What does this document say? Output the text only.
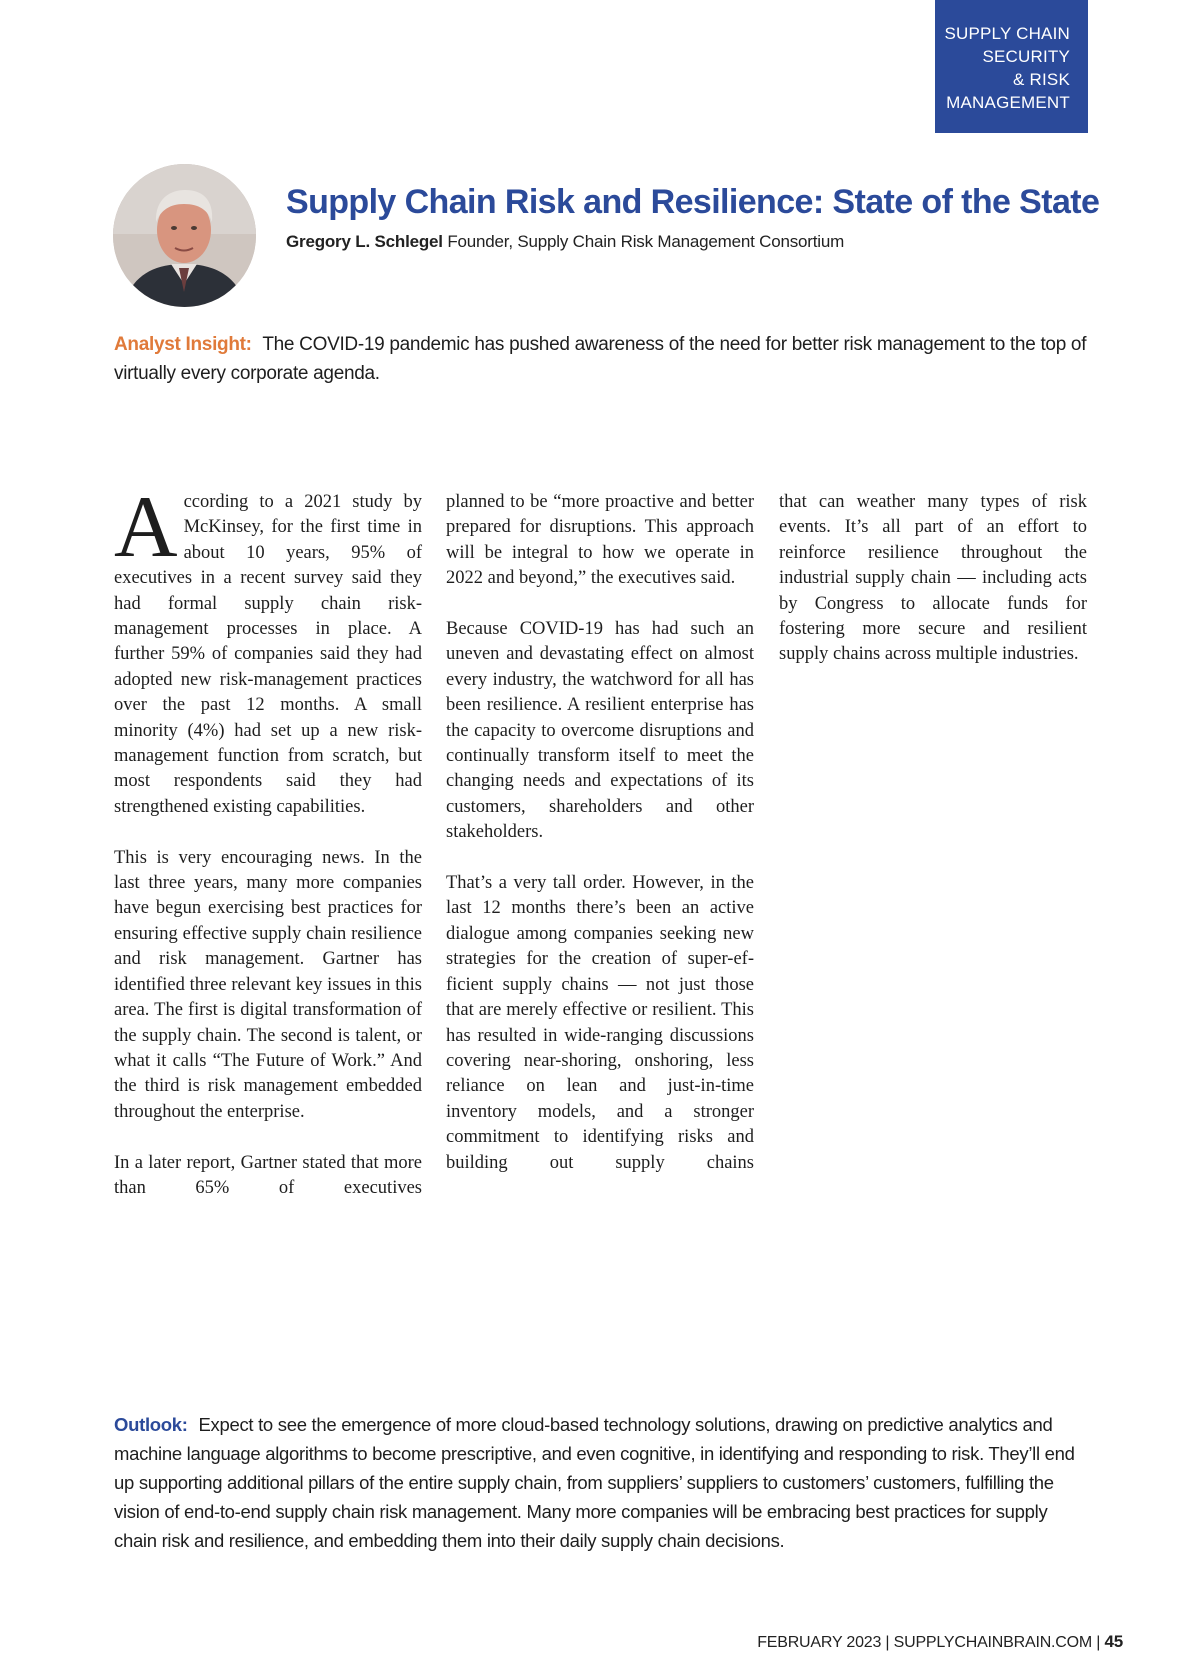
SUPPLY CHAIN
SECURITY
& RISK
MANAGEMENT
Supply Chain Risk and Resilience: State of the State

Gregory L. Schlegel Founder, Supply Chain Risk Management Consortium

Analyst Insight: The COVID-19 pandemic has pushed awareness of the need for better risk management to the top of virtually every corporate agenda.

According to a 2021 study by McKinsey, for the first time in about 10 years, 95% of executives in a recent survey said they had formal supply chain risk-management processes in place. A further 59% of companies said they had adopted new risk-management practices over the past 12 months. A small minority (4%) had set up a new risk-management function from scratch, but most respondents said they had strengthened existing capabilities.

This is very encouraging news. In the last three years, many more companies have begun exercising best practices for ensuring effective supply chain resilience and risk management. Gartner has identified three relevant key issues in this area. The first is digital transformation of the supply chain. The second is talent, or what it calls “The Future of Work.” And the third is risk management embedded throughout the enterprise.

In a later report, Gartner stated that more than 65% of executives

planned to be “more proactive and better prepared for disruptions. This approach will be integral to how we operate in 2022 and beyond,” the executives said.

Because COVID-19 has had such an uneven and devastating effect on almost every industry, the watchword for all has been resilience. A resilient enterprise has the capacity to overcome disruptions and continually transform itself to meet the changing needs and expectations of its customers, shareholders and other stakeholders.

That’s a very tall order. However, in the last 12 months there’s been an active dialogue among companies seeking new strategies for the creation of super-efficient supply chains — not just those that are merely effective or resilient. This has resulted in wide-ranging discussions covering near-shoring, onshoring, less reliance on lean and just-in-time inventory models, and a stronger commitment to identifying risks and building out supply chains

that can weather many types of risk events. It’s all part of an effort to reinforce resilience throughout the industrial supply chain — including acts by Congress to allocate funds for fostering more secure and resilient supply chains across multiple industries.

Outlook: Expect to see the emergence of more cloud-based technology solutions, drawing on predictive analytics and machine language algorithms to become prescriptive, and even cognitive, in identifying and responding to risk. They’ll end up supporting additional pillars of the entire supply chain, from suppliers’ suppliers to customers’ customers, fulfilling the vision of end-to-end supply chain risk management. Many more companies will be embracing best practices for supply chain risk and resilience, and embedding them into their daily supply chain decisions.

FEBRUARY 2023 | SUPPLYCHAINBRAIN.COM | 45
